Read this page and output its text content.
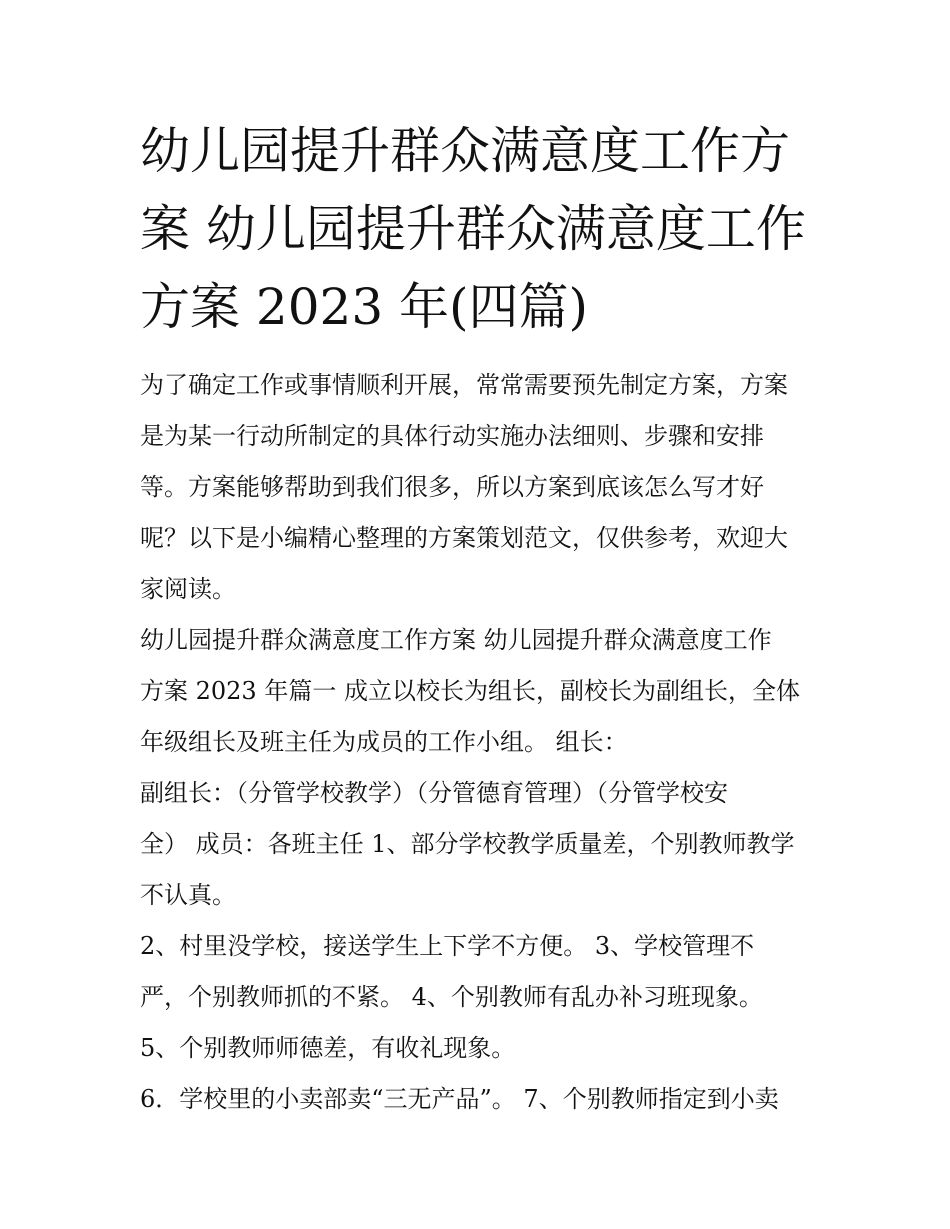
幼儿园提升群众满意度工作方
案 幼儿园提升群众满意度工作
方案 2023 年(四篇)

为了确定工作或事情顺利开展，常常需要预先制定方案，方案

是为某一行动所制定的具体行动实施办法细则、步骤和安排

等。方案能够帮助到我们很多，所以方案到底该怎么写才好

呢？以下是小编精心整理的方案策划范文，仅供参考，欢迎大

家阅读。

幼儿园提升群众满意度工作方案 幼儿园提升群众满意度工作

方案 2023 年篇一 成立以校长为组长，副校长为副组长，全体

年级组长及班主任为成员的工作小组。 组长：

副组长：（分管学校教学）（分管德育管理）（分管学校安

全） 成员：各班主任 1、部分学校教学质量差，个别教师教学

不认真。

2、村里没学校，接送学生上下学不方便。 3、学校管理不

严，个别教师抓的不紧。 4、个别教师有乱办补习班现象。

5、个别教师师德差，有收礼现象。

6．学校里的小卖部卖“三无产品”。 7、个别教师指定到小卖
